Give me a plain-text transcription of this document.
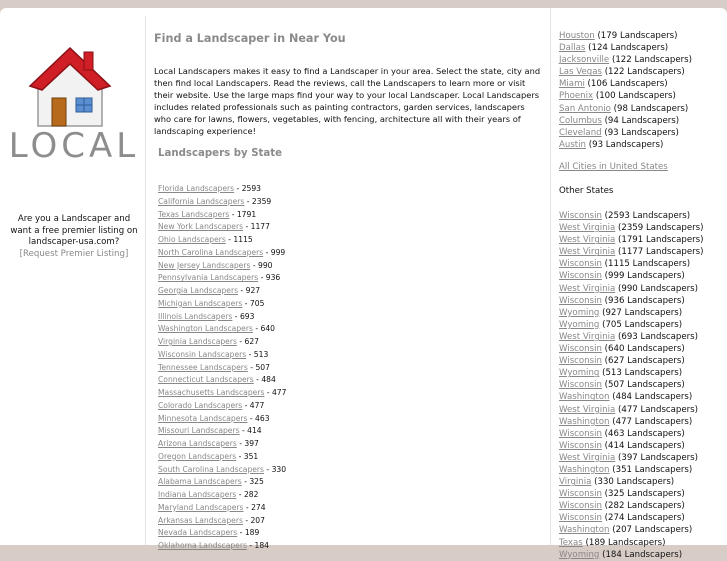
LOCAL
Are you a Landscaper and want a free premier listing on landscaper-usa.com?
[Request Premier Listing]
Find a Landscaper in Near You
Local Landscapers makes it easy to find a Landscaper in your area. Select the state, city and then find local Landscapers. Read the reviews, call the Landscapers to learn more or visit their website. Use the large maps find your way to your local Landscaper. Local Landscapers includes related professionals such as painting contractors, garden services, landscapers who care for lawns, flowers, vegetables, with fencing, architecture all with their years of landscaping experience!
Landscapers by State
Florida Landscapers - 2593
California Landscapers - 2359
Texas Landscapers - 1791
New York Landscapers - 1177
Ohio Landscapers - 1115
North Carolina Landscapers - 999
New Jersey Landscapers - 990
Pennsylvania Landscapers - 936
Georgia Landscapers - 927
Michigan Landscapers - 705
Illinois Landscapers - 693
Washington Landscapers - 640
Virginia Landscapers - 627
Wisconsin Landscapers - 513
Tennessee Landscapers - 507
Connecticut Landscapers - 484
Massachusetts Landscapers - 477
Colorado Landscapers - 477
Minnesota Landscapers - 463
Missouri Landscapers - 414
Arizona Landscapers - 397
Oregon Landscapers - 351
South Carolina Landscapers - 330
Alabama Landscapers - 325
Indiana Landscapers - 282
Maryland Landscapers - 274
Arkansas Landscapers - 207
Nevada Landscapers - 189
Oklahoma Landscapers - 184
Houston (179 Landscapers)
Dallas (124 Landscapers)
Jacksonville (122 Landscapers)
Las Vegas (122 Landscapers)
Miami (106 Landscapers)
Phoenix (100 Landscapers)
San Antonio (98 Landscapers)
Columbus (94 Landscapers)
Cleveland (93 Landscapers)
Austin (93 Landscapers)
All Cities in United States
Other States
Wisconsin (2593 Landscapers)
West Virginia (2359 Landscapers)
West Virginia (1791 Landscapers)
West Virginia (1177 Landscapers)
Wisconsin (1115 Landscapers)
Wisconsin (999 Landscapers)
West Virginia (990 Landscapers)
Wisconsin (936 Landscapers)
Wyoming (927 Landscapers)
Wyoming (705 Landscapers)
West Virginia (693 Landscapers)
Wisconsin (640 Landscapers)
Wisconsin (627 Landscapers)
Wyoming (513 Landscapers)
Wisconsin (507 Landscapers)
Washington (484 Landscapers)
West Virginia (477 Landscapers)
Washington (477 Landscapers)
Wisconsin (463 Landscapers)
Wisconsin (414 Landscapers)
West Virginia (397 Landscapers)
Washington (351 Landscapers)
Virginia (330 Landscapers)
Wisconsin (325 Landscapers)
Wisconsin (282 Landscapers)
Wisconsin (274 Landscapers)
Washington (207 Landscapers)
Texas (189 Landscapers)
Wyoming (184 Landscapers)
